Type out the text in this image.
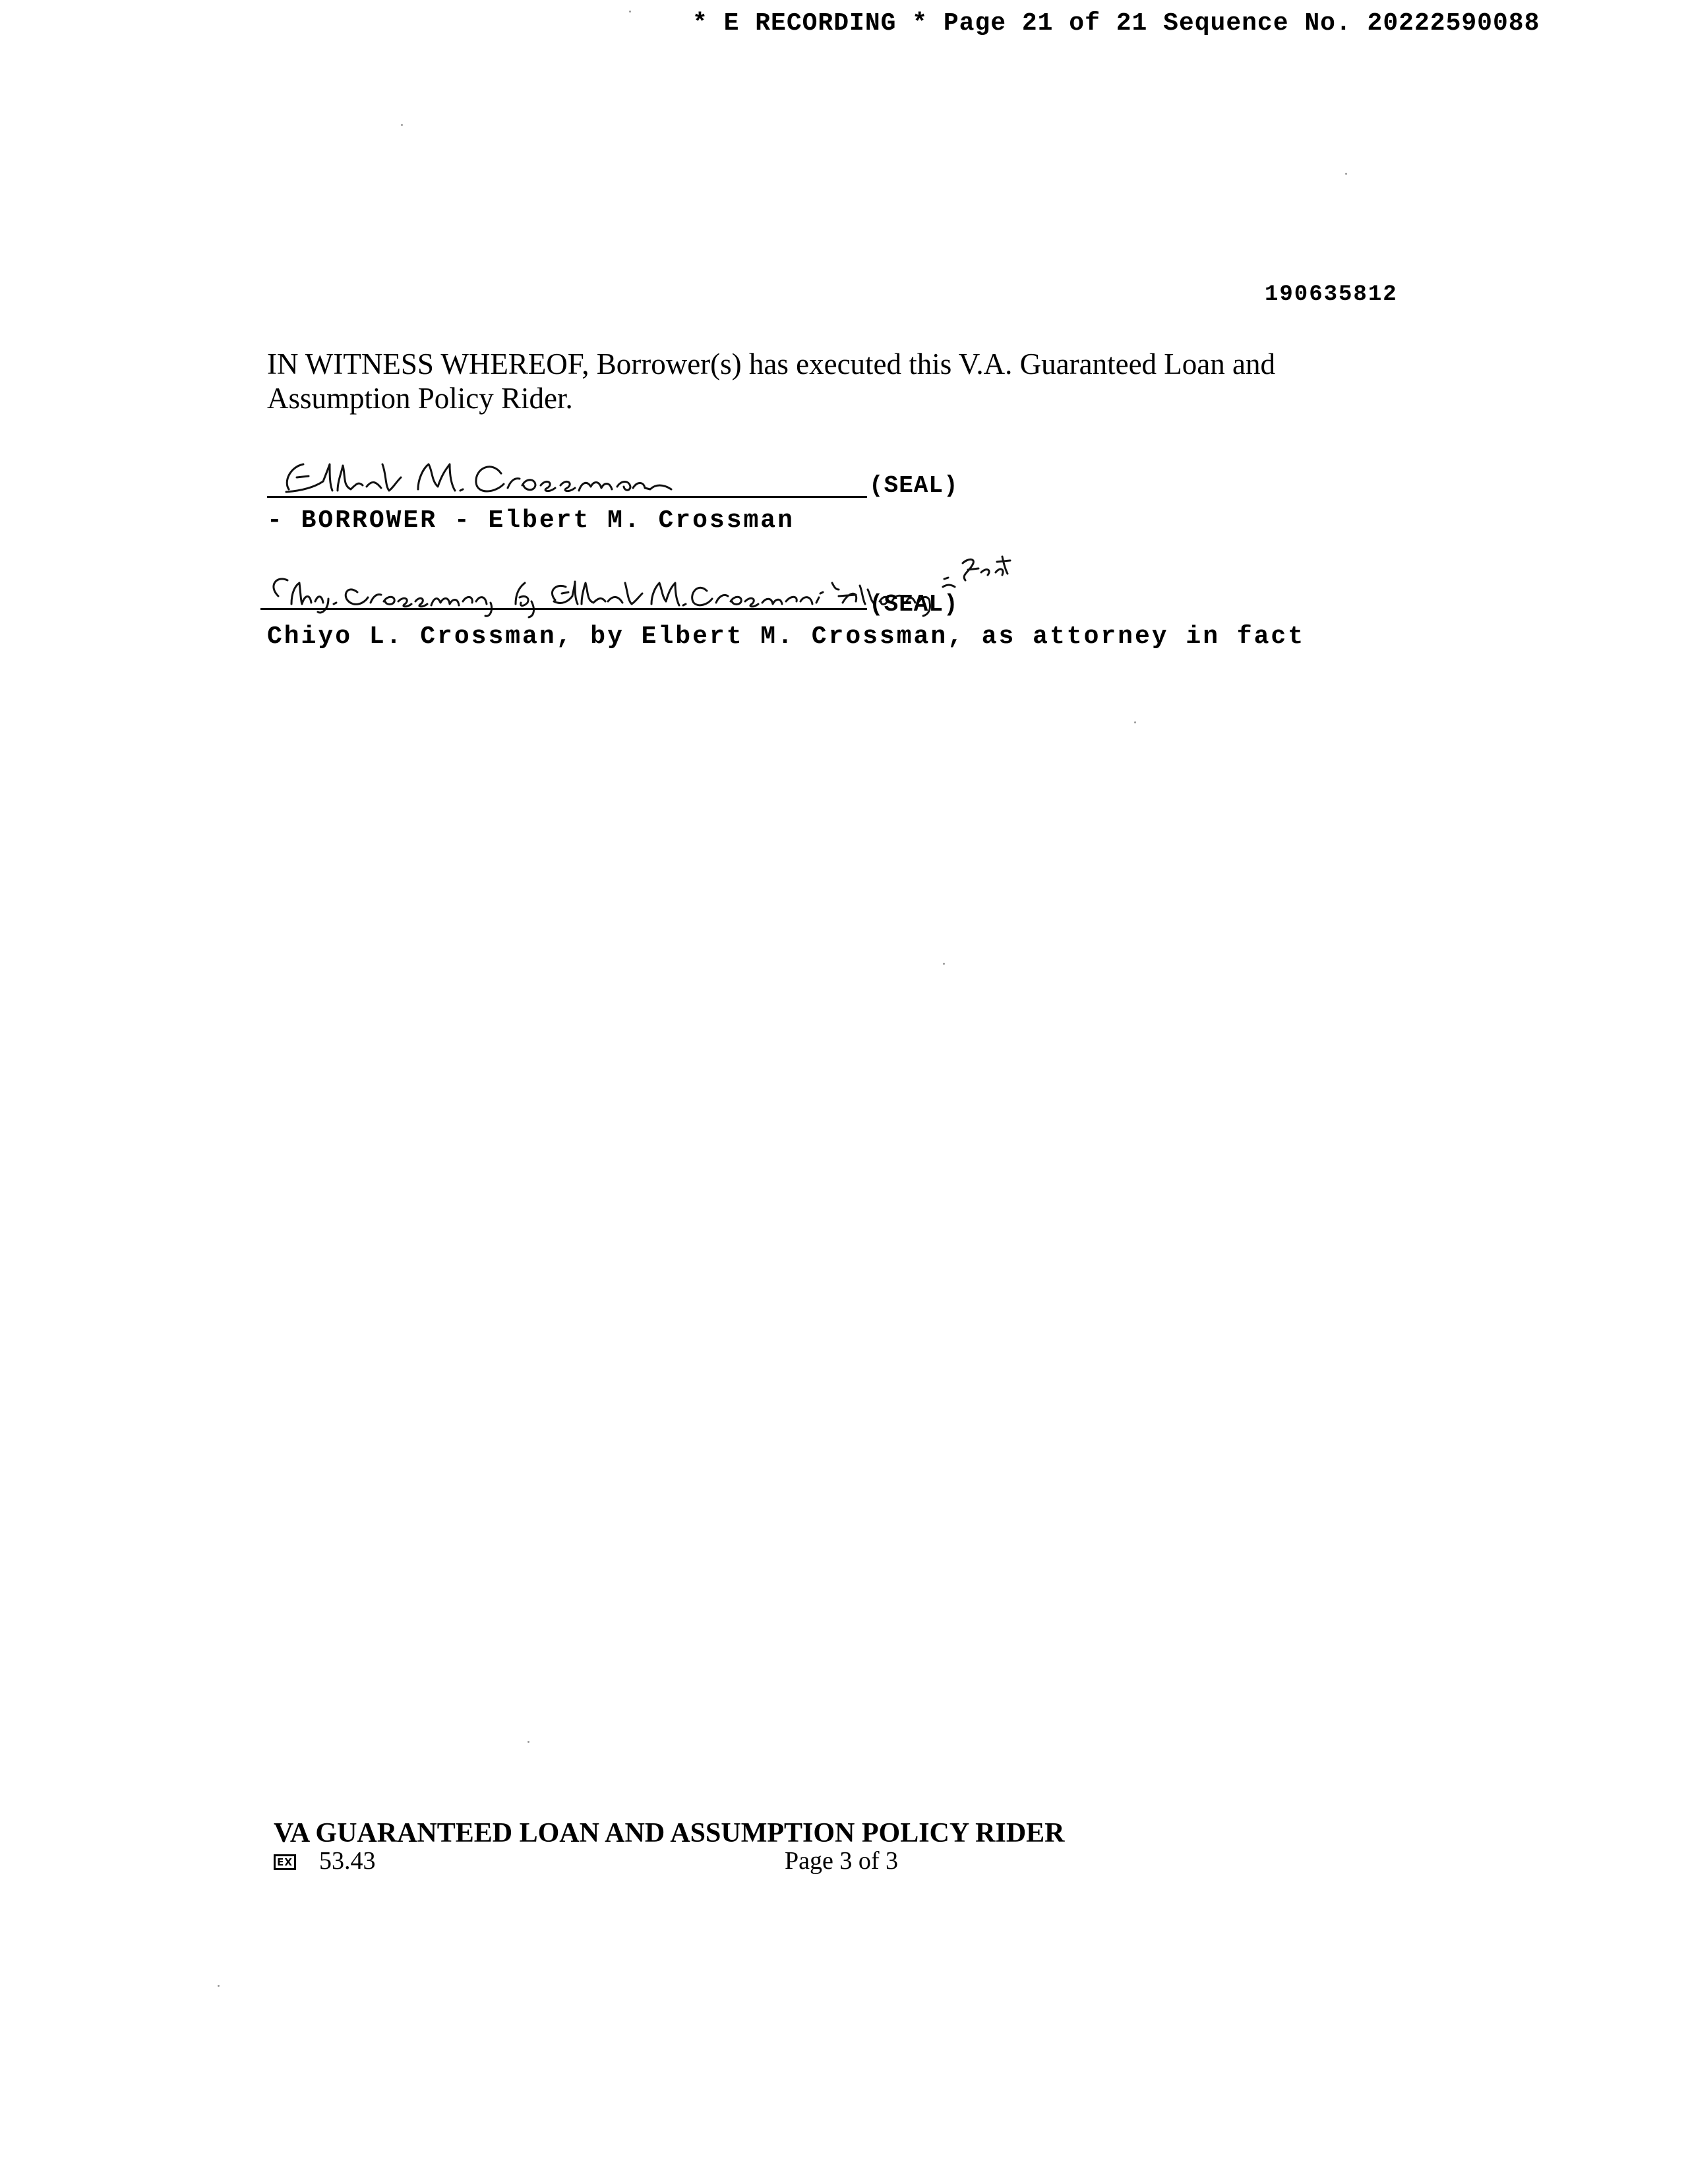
* E RECORDING * Page 21 of 21 Sequence No. 20222590088
190635812
IN WITNESS WHEREOF, Borrower(s) has executed this V.A. Guaranteed Loan and Assumption Policy Rider.
(SEAL)
- BORROWER - Elbert M. Crossman
(SEAL)
Chiyo L. Crossman, by Elbert M. Crossman, as attorney in fact
VA GUARANTEED LOAN AND ASSUMPTION POLICY RIDER
EX 53.43	Page 3 of 3
